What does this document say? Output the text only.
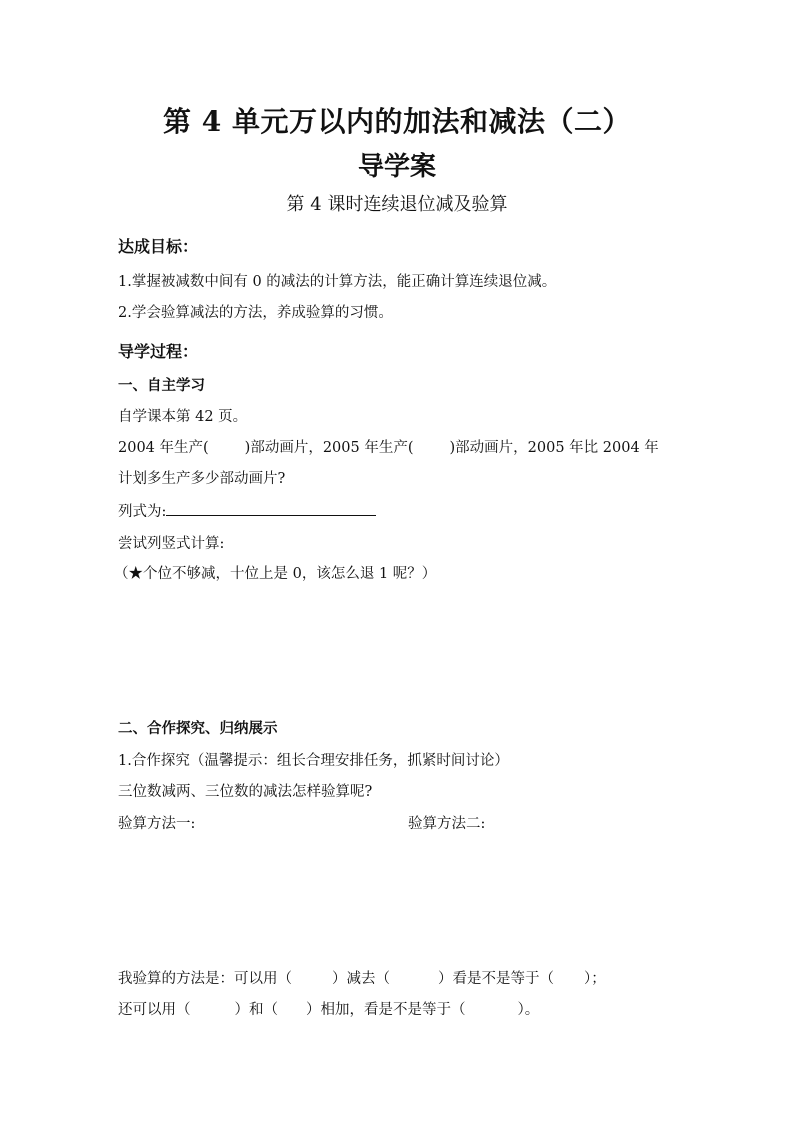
第 4 单元万以内的加法和减法（二）
导学案
第 4 课时连续退位减及验算
达成目标：
1.掌握被减数中间有 0 的减法的计算方法，能正确计算连续退位减。
2.学会验算减法的方法，养成验算的习惯。
导学过程：
一、自主学习
自学课本第 42 页。
2004 年生产( )部动画片，2005 年生产( )部动画片，2005 年比 2004 年
计划多生产多少部动画片?
列式为:
尝试列竖式计算:
（★个位不够减，十位上是 0，该怎么退 1 呢？）
二、合作探究、归纳展示
1.合作探究（温馨提示：组长合理安排任务，抓紧时间讨论）
三位数减两、三位数的减法怎样验算呢?
验算方法一:	验算方法二:
我验算的方法是：可以用（	）减去（	）看是不是等于（ ）；
还可以用（	）和（ ）相加，看是不是等于（	）。
